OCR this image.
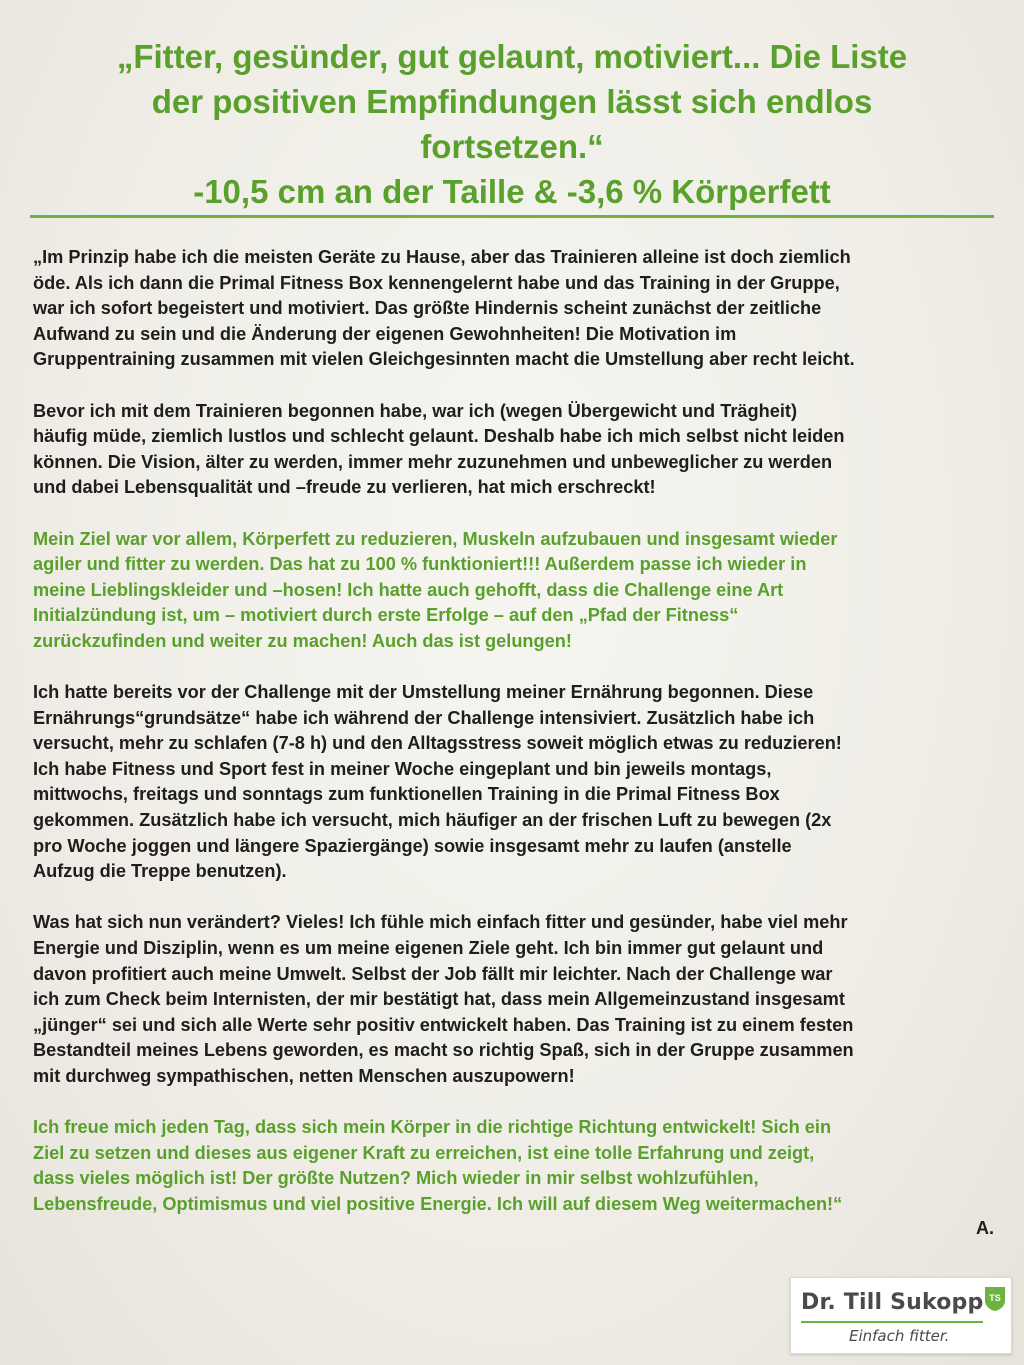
„Fitter, gesünder, gut gelaunt, motiviert... Die Liste
der positiven Empfindungen lässt sich endlos
fortsetzen.“
-10,5 cm an der Taille & -3,6 % Körperfett

„Im Prinzip habe ich die meisten Geräte zu Hause, aber das Trainieren alleine ist doch ziemlich
öde. Als ich dann die Primal Fitness Box kennengelernt habe und das Training in der Gruppe,
war ich sofort begeistert und motiviert. Das größte Hindernis scheint zunächst der zeitliche
Aufwand zu sein und die Änderung der eigenen Gewohnheiten! Die Motivation im
Gruppentraining zusammen mit vielen Gleichgesinnten macht die Umstellung aber recht leicht.

Bevor ich mit dem Trainieren begonnen habe, war ich (wegen Übergewicht und Trägheit)
häufig müde, ziemlich lustlos und schlecht gelaunt. Deshalb habe ich mich selbst nicht leiden
können. Die Vision, älter zu werden, immer mehr zuzunehmen und unbeweglicher zu werden
und dabei Lebensqualität und –freude zu verlieren, hat mich erschreckt!

Mein Ziel war vor allem, Körperfett zu reduzieren, Muskeln aufzubauen und insgesamt wieder
agiler und fitter zu werden. Das hat zu 100 % funktioniert!!! Außerdem passe ich wieder in
meine Lieblingskleider und –hosen! Ich hatte auch gehofft, dass die Challenge eine Art
Initialzündung ist, um – motiviert durch erste Erfolge – auf den „Pfad der Fitness“
zurückzufinden und weiter zu machen! Auch das ist gelungen!

Ich hatte bereits vor der Challenge mit der Umstellung meiner Ernährung begonnen. Diese
Ernährungs“grundsätze“ habe ich während der Challenge intensiviert. Zusätzlich habe ich
versucht, mehr zu schlafen (7-8 h) und den Alltagsstress soweit möglich etwas zu reduzieren!
Ich habe Fitness und Sport fest in meiner Woche eingeplant und bin jeweils montags,
mittwochs, freitags und sonntags zum funktionellen Training in die Primal Fitness Box
gekommen. Zusätzlich habe ich versucht, mich häufiger an der frischen Luft zu bewegen (2x
pro Woche joggen und längere Spaziergänge) sowie insgesamt mehr zu laufen (anstelle
Aufzug die Treppe benutzen).

Was hat sich nun verändert? Vieles! Ich fühle mich einfach fitter und gesünder, habe viel mehr
Energie und Disziplin, wenn es um meine eigenen Ziele geht. Ich bin immer gut gelaunt und
davon profitiert auch meine Umwelt. Selbst der Job fällt mir leichter. Nach der Challenge war
ich zum Check beim Internisten, der mir bestätigt hat, dass mein Allgemeinzustand insgesamt
„jünger“ sei und sich alle Werte sehr positiv entwickelt haben. Das Training ist zu einem festen
Bestandteil meines Lebens geworden, es macht so richtig Spaß, sich in der Gruppe zusammen
mit durchweg sympathischen, netten Menschen auszupowern!

Ich freue mich jeden Tag, dass sich mein Körper in die richtige Richtung entwickelt! Sich ein
Ziel zu setzen und dieses aus eigener Kraft zu erreichen, ist eine tolle Erfahrung und zeigt,
dass vieles möglich ist! Der größte Nutzen? Mich wieder in mir selbst wohlzufühlen,
Lebensfreude, Optimismus und viel positive Energie. Ich will auf diesem Weg weitermachen!“

A.
Dr. Till Sukopp
Einfach fitter.
TS
